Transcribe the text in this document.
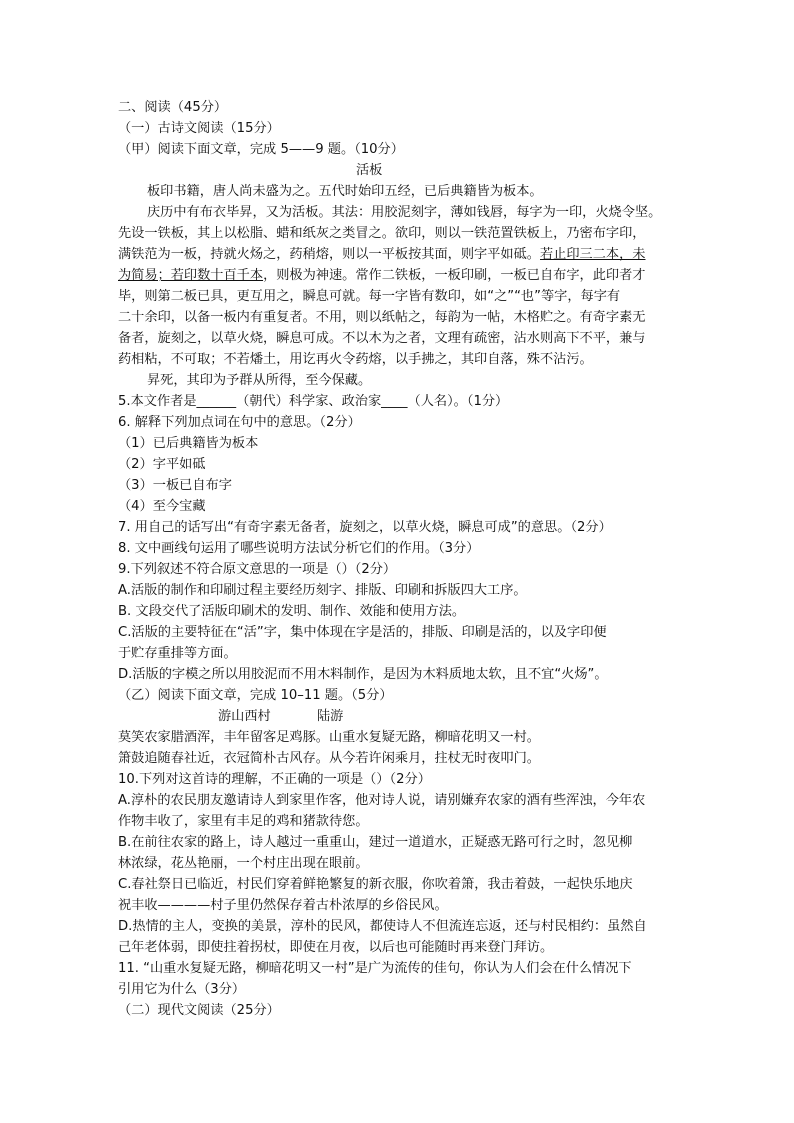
二、阅读（45分）
（一）古诗文阅读（15分）
（甲）阅读下面文章，完成 5——9 题。（10分）
活板
板印书籍，唐人尚未盛为之。五代时始印五经，已后典籍皆为板本。
庆历中有布衣毕昇，又为活板。其法：用胶泥刻字，薄如钱唇，每字为一印，火烧令坚。
先设一铁板，其上以松脂、蜡和纸灰之类冒之。欲印，则以一铁范置铁板上，乃密布字印，
满铁范为一板，持就火炀之，药稍熔，则以一平板按其面，则字平如砥。若止印三二本，未
为简易；若印数十百千本，则极为神速。常作二铁板，一板印刷，一板已自布字，此印者才
毕，则第二板已具，更互用之，瞬息可就。每一字皆有数印，如“之”“也”等字，每字有
二十余印，以备一板内有重复者。不用，则以纸帖之，每韵为一帖，木格贮之。有奇字素无
备者，旋刻之，以草火烧，瞬息可成。不以木为之者，文理有疏密，沾水则高下不平，兼与
药相粘，不可取；不若燔土，用讫再火令药熔，以手拂之，其印自落，殊不沾污。
昇死，其印为予群从所得，至今保藏。
5.本文作者是______（朝代）科学家、政治家____（人名）。（1分）
6. 解释下列加点词在句中的意思。（2分）
（1）已后典籍皆为板本
（2）字平如砥
（3）一板已自布字
（4）至今宝藏
7. 用自己的话写出“有奇字素无备者，旋刻之，以草火烧，瞬息可成”的意思。（2分）
8. 文中画线句运用了哪些说明方法试分析它们的作用。（3分）
9.下列叙述不符合原文意思的一项是（）（2分）
A.活版的制作和印刷过程主要经历刻字、排版、印刷和拆版四大工序。
B. 文段交代了活版印刷术的发明、制作、效能和使用方法。
C.活版的主要特征在“活”字，集中体现在字是活的，排版、印刷是活的，以及字印便
于贮存重排等方面。
D.活版的字模之所以用胶泥而不用木料制作，是因为木料质地太软，且不宜“火炀”。
（乙）阅读下面文章，完成 10–11 题。（5分）
游山西村	陆游
莫笑农家腊酒浑，丰年留客足鸡豚。山重水复疑无路，柳暗花明又一村。
箫鼓追随春社近，衣冠简朴古风存。从今若许闲乘月，拄杖无时夜叩门。
10.下列对这首诗的理解，不正确的一项是（）（2分）
A.淳朴的农民朋友邀请诗人到家里作客，他对诗人说，请别嫌弃农家的酒有些浑浊，今年农
作物丰收了，家里有丰足的鸡和猪款待您。
B.在前往农家的路上，诗人越过一重重山，建过一道道水，正疑惑无路可行之时，忽见柳
林浓绿，花丛艳丽，一个村庄出现在眼前。
C.春社祭日已临近，村民们穿着鲜艳繁复的新衣服，你吹着箫，我击着鼓，一起快乐地庆
祝丰收————村子里仍然保存着古朴浓厚的乡俗民风。
D.热情的主人，变换的美景，淳朴的民风，都使诗人不但流连忘返，还与村民相约：虽然自
己年老体弱，即使拄着拐杖，即使在月夜，以后也可能随时再来登门拜访。
11. “山重水复疑无路，柳暗花明又一村”是广为流传的佳句，你认为人们会在什么情况下
引用它为什么（3分）
（二）现代文阅读（25分）
